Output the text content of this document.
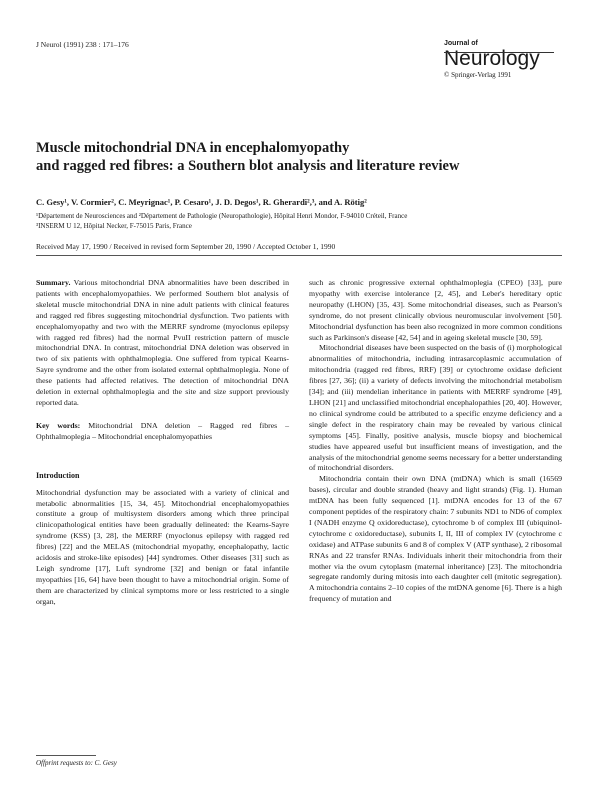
J Neurol (1991) 238 : 171–176	Journal of
Neurology
© Springer-Verlag 1991
Muscle mitochondrial DNA in encephalomyopathy
and ragged red fibres: a Southern blot analysis and literature review
C. Gesy¹, V. Cormier², C. Meyrignac¹, P. Cesaro¹, J. D. Degos¹, R. Gherardi²,³, and A. Rötig²
¹Département de Neurosciences and ²Département de Pathologie (Neuropathologie), Hôpital Henri Mondor, F-94010 Créteil, France
³INSERM U 12, Hôpital Necker, F-75015 Paris, France
Received May 17, 1990 / Received in revised form September 20, 1990 / Accepted October 1, 1990

Summary. Various mitochondrial DNA abnormalities have been described in patients with encephalomyopathies. We performed Southern blot analysis of skeletal muscle mitochondrial DNA in nine adult patients with clinical features and ragged red fibres suggesting mitochondrial dysfunction. Two patients with encephalomyopathy and two with the MERRF syndrome (myoclonus epilepsy with ragged red fibres) had the normal PvuII restriction pattern of muscle mitochondrial DNA. In contrast, mitochondrial DNA deletion was observed in two of six patients with ophthalmoplegia. One suffered from typical Kearns-Sayre syndrome and the other from isolated external ophthalmoplegia. None of these patients had affected relatives. The detection of mitochondrial DNA deletion in external ophthalmoplegia and the site and size support previously reported data.

Key words: Mitochondrial DNA deletion – Ragged red fibres – Ophthalmoplegia – Mitochondrial encephalomyopathies

Introduction

Mitochondrial dysfunction may be associated with a variety of clinical and metabolic abnormalities [15, 34, 45]. Mitochondrial encephalomyopathies constitute a group of multisystem disorders among which three principal clinicopathological entities have been gradually delineated: the Kearns-Sayre syndrome (KSS) [3, 28], the MERRF (myoclonus epilepsy with ragged red fibres) [22] and the MELAS (mitochondrial myopathy, encephalopathy, lactic acidosis and stroke-like episodes) [44] syndromes. Other diseases [31] such as Leigh syndrome [17], Luft syndrome [32] and benign or fatal infantile myopathies [16, 64] have been thought to have a mitochondrial origin. Some of them are characterized by clinical symptoms more or less restricted to a single organ,

such as chronic progressive external ophthalmoplegia (CPEO) [33], pure myopathy with exercise intolerance [2, 45], and Leber's hereditary optic neuropathy (LHON) [35, 43]. Some mitochondrial diseases, such as Pearson's syndrome, do not present clinically obvious neuromuscular involvement [50]. Mitochondrial dysfunction has been also recognized in more common conditions such as Parkinson's disease [42, 54] and in ageing skeletal muscle [30, 59].

Mitochondrial diseases have been suspected on the basis of (i) morphological abnormalities of mitochondria, including intrasarcoplasmic accumulation of mitochondria (ragged red fibres, RRF) [39] or cytochrome oxidase deficient fibres [27, 36]; (ii) a variety of defects involving the mitochondrial metabolism [34]; and (iii) mendelian inheritance in patients with MERRF syndrome [49], LHON [21] and unclassified mitochondrial encephalopathies [20, 40]. However, no clinical syndrome could be attributed to a specific enzyme deficiency and a single defect in the respiratory chain may be revealed by various clinical symptoms [45]. Finally, positive analysis, muscle biopsy and biochemical studies have appeared useful but insufficient means of investigation, and the analysis of the mitochondrial genome seems necessary for a better understanding of mitochondrial disorders.

Mitochondria contain their own DNA (mtDNA) which is small (16569 bases), circular and double stranded (heavy and light strands) (Fig. 1). Human mtDNA has been fully sequenced [1]. mtDNA encodes for 13 of the 67 component peptides of the respiratory chain: 7 subunits ND1 to ND6 of complex I (NADH enzyme Q oxidoreductase), cytochrome b of complex III (ubiquinol-cytochrome c oxidoreductase), subunits I, II, III of complex IV (cytochrome c oxidase) and ATPase subunits 6 and 8 of complex V (ATP synthase), 2 ribosomal RNAs and 22 transfer RNAs. Individuals inherit their mitochondria from their mother via the ovum cytoplasm (maternal inheritance) [23]. The mitochondria segregate randomly during mitosis into each daughter cell (mitotic segregation). A mitochondria contains 2–10 copies of the mtDNA genome [6]. There is a high frequency of mutation and

Offprint requests to: C. Gesy
